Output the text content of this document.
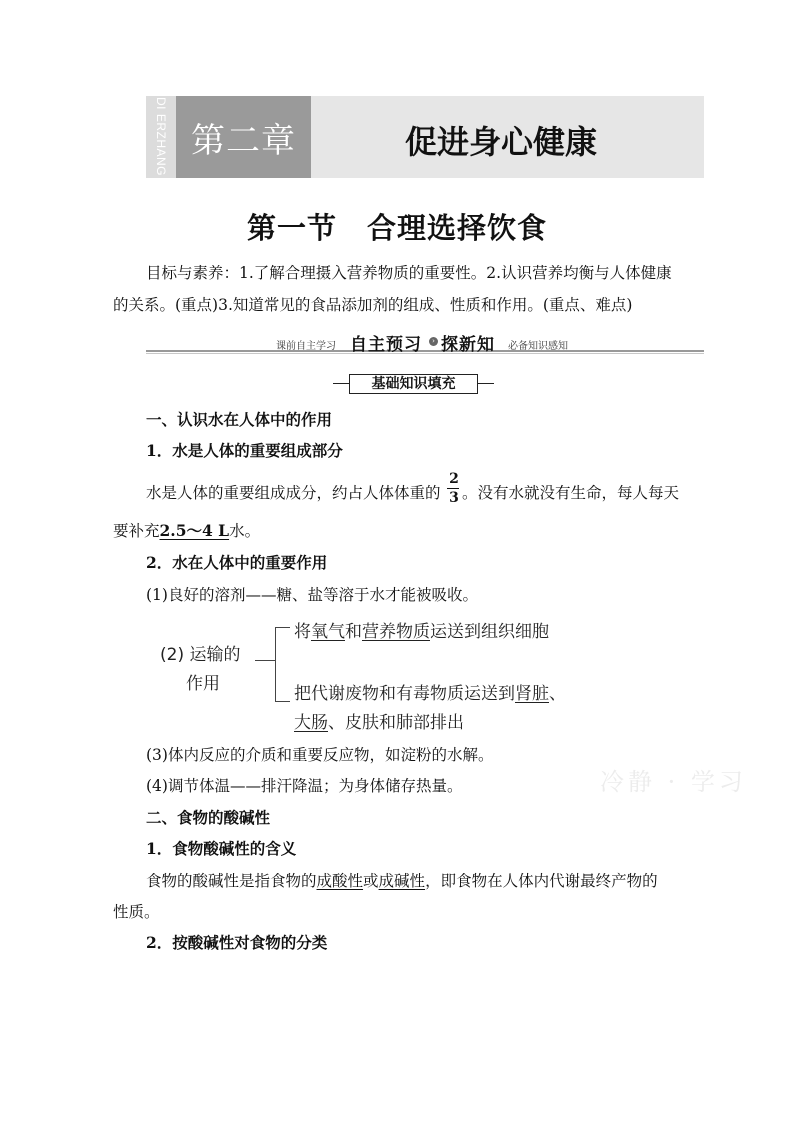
DI ERZHANG 第二章	促进身心健康
第一节　合理选择饮食
目标与素养：1.了解合理摄入营养物质的重要性。2.认识营养均衡与人体健康
的关系。(重点)3.知道常见的食品添加剂的组成、性质和作用。(重点、难点)
课前自主学习 自主预习	› 探新知 必备知识感知
基础知识填充
一、认识水在人体中的作用
1．水是人体的重要组成部分
水是人体的重要组成成分，约占人体体重的
2
3 。没有水就没有生命，每人每天
要补充2.5～4 L水。
2．水在人体中的重要作用
(1)良好的溶剂——糖、盐等溶于水才能被吸收。
(2) 运输的
作用
将氧气和营养物质运送到组织细胞
把代谢废物和有毒物质运送到肾脏、
大肠、皮肤和肺部排出
(3)体内反应的介质和重要反应物，如淀粉的水解。
(4)调节体温——排汗降温；为身体储存热量。
二、食物的酸碱性
1．食物酸碱性的含义
食物的酸碱性是指食物的成酸性或成碱性，即食物在人体内代谢最终产物的
性质。
2．按酸碱性对食物的分类
冷静 · 学习
